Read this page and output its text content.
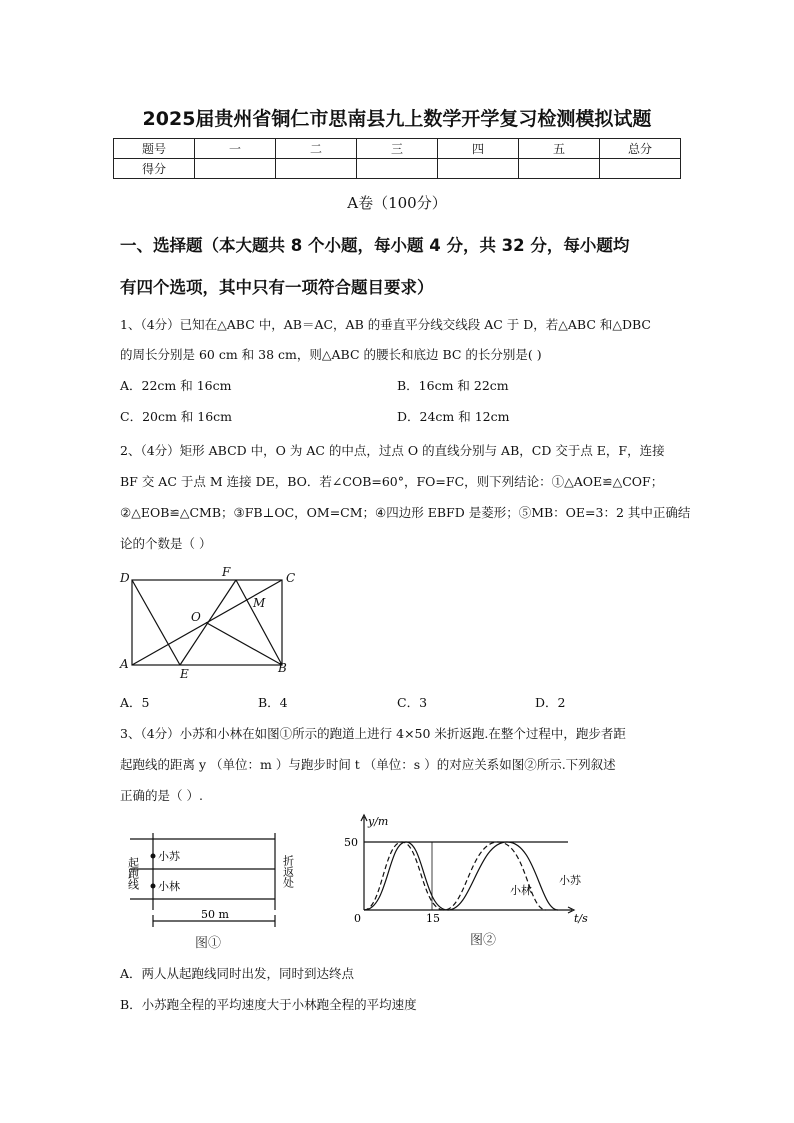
2025届贵州省铜仁市思南县九上数学开学复习检测模拟试题
题号	一	二	三	四	五	总分
得分						
A卷（100分）
一、选择题（本大题共 8 个小题，每小题 4 分，共 32 分，每小题均
有四个选项，其中只有一项符合题目要求）
1、（4分）已知在△ABC 中，AB＝AC，AB 的垂直平分线交线段 AC 于 D，若△ABC 和△DBC
的周长分别是 60 cm 和 38 cm，则△ABC 的腰长和底边 BC 的长分别是( )
A．22cm 和 16cm	B．16cm 和 22cm
C．20cm 和 16cm	D．24cm 和 12cm
2、（4分）矩形 ABCD 中，O 为 AC 的中点，过点 O 的直线分别与 AB，CD 交于点 E，F，连接
BF 交 AC 于点 M 连接 DE，BO．若∠COB=60°，FO=FC，则下列结论：①△AOE≌△COF；
②△EOB≌△CMB；③FB⊥OC，OM=CM；④四边形 EBFD 是菱形；⑤MB：OE=3：2 其中正确结
论的个数是（ ）
D	F	C
O
M
A
E	B
A．5	B．4	C．3	D．2
3、（4分）小苏和小林在如图①所示的跑道上进行 4×50 米折返跑.在整个过程中，跑步者距
起跑线的距离 y （单位：m ）与跑步时间 t （单位：s ）的对应关系如图②所示.下列叙述
正确的是（ ）.
起跑线	折返处
小苏
小林
50 m
图①
y/m
t/s
50
15
0
小林
小苏
图②
A．两人从起跑线同时出发，同时到达终点
B．小苏跑全程的平均速度大于小林跑全程的平均速度
